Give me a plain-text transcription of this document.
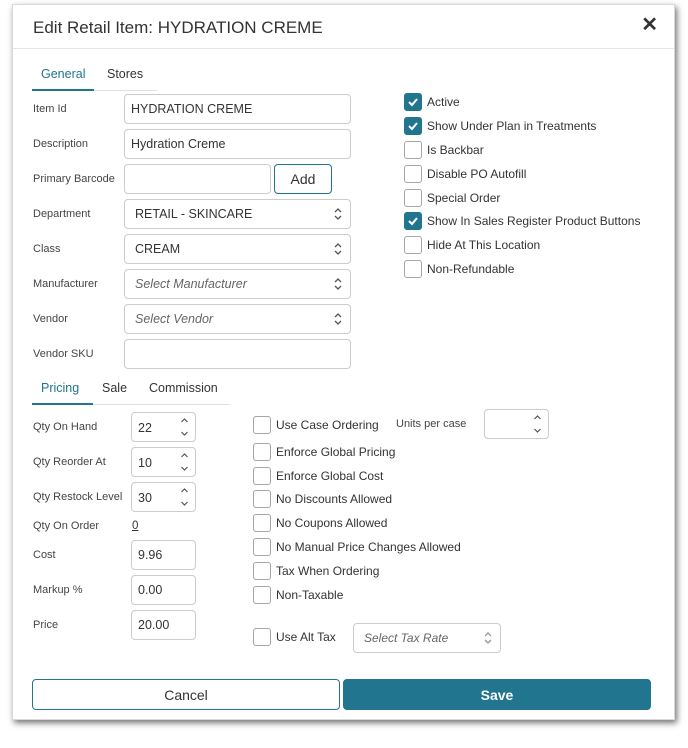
Edit Retail Item: HYDRATION CREME	✕
General	Stores
Item Id	HYDRATION CREME
Description	Hydration Creme
Primary Barcode	Add
Department	RETAIL - SKINCARE
Class	CREAM
Manufacturer	Select Manufacturer
Vendor	Select Vendor
Vendor SKU
Active
Show Under Plan in Treatments
Is Backbar
Disable PO Autofill
Special Order
Show In Sales Register Product Buttons
Hide At This Location
Non-Refundable
Pricing	Sale Commission
Qty On Hand	22
Qty Reorder At	10
Qty Restock Level	30
Qty On Order	0
Cost	9.96
Markup %	0.00
Price	20.00
Use Case Ordering Units per case
Enforce Global Pricing
Enforce Global Cost
No Discounts Allowed
No Coupons Allowed
No Manual Price Changes Allowed
Tax When Ordering
Non-Taxable
Use Alt Tax	Select Tax Rate
Cancel	Save
